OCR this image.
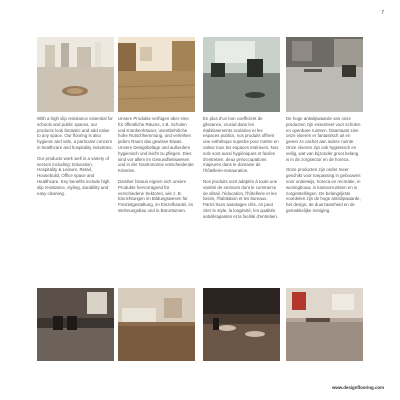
7

With a high slip resistance essential for schools and public spaces, our products look fantastic and add value to any space. Our flooring is also hygienic and safe, a particular concern in healthcare and hospitality industries.

Our products work well in a variety of sectors including: Education, Hospitality & Leisure, Retail, Housebuild, Office space and Healthcare. Key benefits include high slip resistance, styling, durability and easy cleaning.

Unsere Produkte verfügen über eine für öffentliche Räume, z.B. Schulen und Krankenhäuser, unentbehrliche hohe Rutschhemmung, und verleihen jedem Raum das gewisse Etwas. Unsere Designbeläge und außerdem hygienisch und leicht zu pflegen. Dies sind vor allem im Gesundheitswesen und in der Gastronomie entscheidende Kriterien.

Darüber hinaus eignen sich unsere Produkte hervorragend für verschiedene Sektoren, wie z. B. Einrichtungen im Bildungswesen für Freizeitgestaltung, im Einzelhandel, im Wohnungsbau und in Büroräumen.

En plus d'un bon coefficient de glissance, crucial dans les établissements scolaires et les espaces publics, nos produits offrent une esthétique superbe pour mettre en valeur tous les espaces intérieurs. Nos sols sont aussi hygiéniques et faciles d'entretien, deux préoccupations majeures dans le domaine de l'hôtellerie-restauration.

Nos produits sont adaptés à toute une variété de secteurs dont le commerce de détail, l'éducation, l'hôtellerie et les loisirs, l'habitation et les bureaux. Parmi leurs avantages clés, on peut citer le style, la longévité, les qualités antidérapantes et la facilité d'entretien.

De hoge antislipwaarde van onze producten zijn essentieel voor scholen en openbare ruimten. Daarnaast zien onze vloeren er fantastisch uit en geven ze cachet aan iedere ruimte. Onze vloeren zijn ook hygiënisch en veilig, wat van bijzonder groot belang is in de zorgsector en de horeca.

Onze producten zijn onder meer geschikt voor toepassing in gebouwen voor onderwijs, horeca en recreatie, in woningbouw, in kantoorruimten en in zorginstellingen. De belangrijkste voordelen zijn de hoge antislipwaarde, het design, de duurzaamheid en de gemakkelijke reiniging.

www.designflooring.com
